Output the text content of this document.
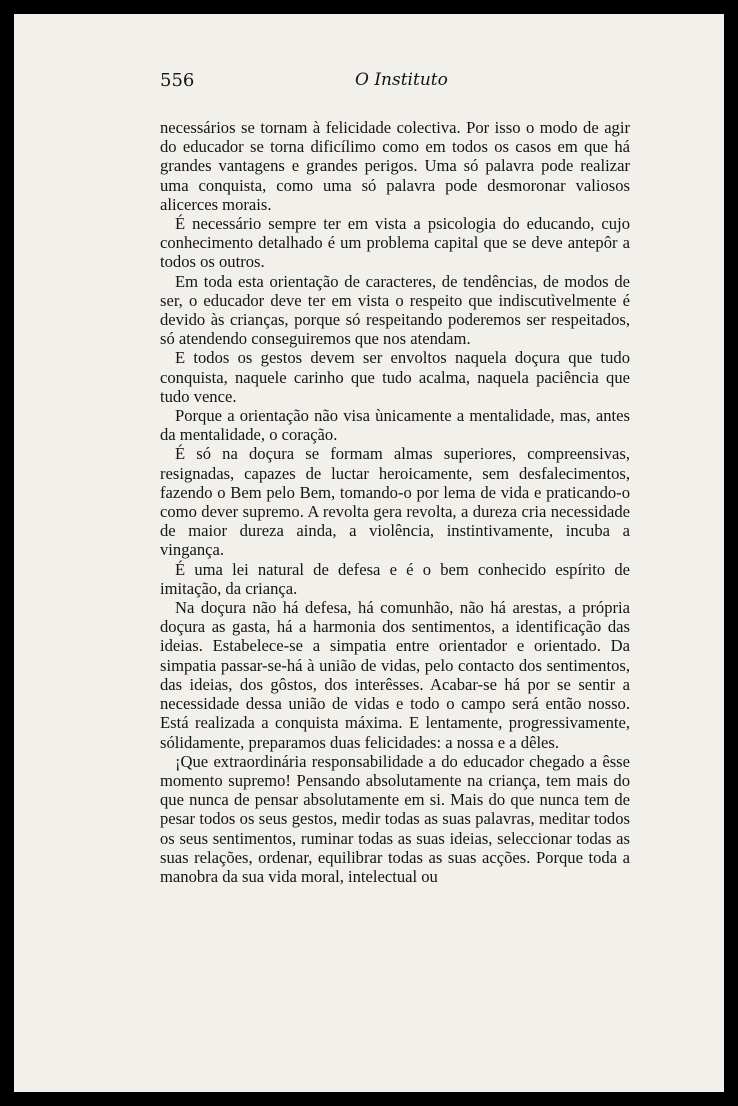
556	O Instituto

necessários se tornam à felicidade colectiva. Por isso o modo de agir do educador se torna dificílimo como em todos os casos em que há grandes vantagens e grandes perigos. Uma só palavra pode realizar uma conquista, como uma só palavra pode desmoronar valiosos alicerces morais.

É necessário sempre ter em vista a psicologia do educando, cujo conhecimento detalhado é um problema capital que se deve antepôr a todos os outros.

Em toda esta orientação de caracteres, de tendências, de modos de ser, o educador deve ter em vista o respeito que indiscutìvelmente é devido às crianças, porque só respeitando poderemos ser respeitados, só atendendo conseguiremos que nos atendam.

E todos os gestos devem ser envoltos naquela doçura que tudo conquista, naquele carinho que tudo acalma, naquela paciência que tudo vence.

Porque a orientação não visa ùnicamente a mentalidade, mas, antes da mentalidade, o coração.

É só na doçura se formam almas superiores, compreensivas, resignadas, capazes de luctar heroicamente, sem desfalecimentos, fazendo o Bem pelo Bem, tomando-o por lema de vida e praticando-o como dever supremo. A revolta gera revolta, a dureza cria necessidade de maior dureza ainda, a violência, instintivamente, incuba a vingança.

É uma lei natural de defesa e é o bem conhecido espírito de imitação, da criança.

Na doçura não há defesa, há comunhão, não há arestas, a própria doçura as gasta, há a harmonia dos sentimentos, a identificação das ideias. Estabelece-se a simpatia entre orientador e orientado. Da simpatia passar-se-há à união de vidas, pelo contacto dos sentimentos, das ideias, dos gôstos, dos interêsses. Acabar-se há por se sentir a necessidade dessa união de vidas e todo o campo será então nosso. Está realizada a conquista máxima. E lentamente, progressivamente, sólidamente, preparamos duas felicidades: a nossa e a dêles.

¡Que extraordinária responsabilidade a do educador chegado a êsse momento supremo! Pensando absolutamente na criança, tem mais do que nunca de pensar absolutamente em si. Mais do que nunca tem de pesar todos os seus gestos, medir todas as suas palavras, meditar todos os seus sentimentos, ruminar todas as suas ideias, seleccionar todas as suas relações, ordenar, equilibrar todas as suas acções. Porque toda a manobra da sua vida moral, intelectual ou
